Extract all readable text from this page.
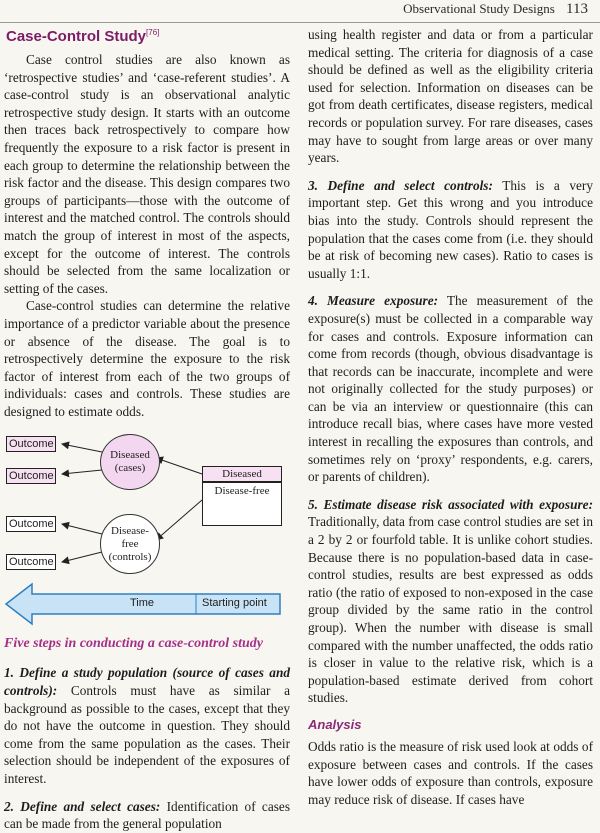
Observational Study Designs 113
Case-Control Study[76]

Case control studies are also known as ‘retrospective studies’ and ‘case-referent studies’. A case-control study is an observational analytic retrospective study design. It starts with an outcome then traces back retrospectively to compare how frequently the exposure to a risk factor is present in each group to determine the relationship between the risk factor and the disease. This design compares two groups of participants—those with the outcome of interest and the matched control. The controls should match the group of interest in most of the aspects, except for the outcome of interest. The controls should be selected from the same localization or setting of the cases.

Case-control studies can determine the relative importance of a predictor variable about the presence or absence of the disease. The goal is to retrospectively determine the exposure to the risk factor of interest from each of the two groups of individuals: cases and controls. These studies are designed to estimate odds.

Outcome
Outcome
Outcome
Outcome
Diseased
(cases)
Disease-
free
(controls)
Diseased
Disease-free
Time	Starting point
Five steps in conducting a case-control study

1. Define a study population (source of cases and controls): Controls must have as similar a background as possible to the cases, except that they do not have the outcome in question. They should come from the same population as the cases. Their selection should be independent of the exposures of interest.

2. Define and select cases: Identification of cases can be made from the general population

using health register and data or from a particular medical setting. The criteria for diagnosis of a case should be defined as well as the eligibility criteria used for selection. Information on diseases can be got from death certificates, disease registers, medical records or population survey. For rare diseases, cases may have to sought from large areas or over many years.

3. Define and select controls: This is a very important step. Get this wrong and you introduce bias into the study. Controls should represent the population that the cases come from (i.e. they should be at risk of becoming new cases). Ratio to cases is usually 1:1.

4. Measure exposure: The measurement of the exposure(s) must be collected in a comparable way for cases and controls. Exposure information can come from records (though, obvious disadvantage is that records can be inaccurate, incomplete and were not originally collected for the study purposes) or can be via an interview or questionnaire (this can introduce recall bias, where cases have more vested interest in recalling the exposures than controls, and sometimes rely on ‘proxy’ respondents, e.g. carers, or parents of children).

5. Estimate disease risk associated with exposure: Traditionally, data from case control studies are set in a 2 by 2 or fourfold table. It is unlike cohort studies. Because there is no population-based data in case-control studies, results are best expressed as odds ratio (the ratio of exposed to non-exposed in the case group divided by the same ratio in the control group). When the number with disease is small compared with the number unaffected, the odds ratio is closer in value to the relative risk, which is a population-based estimate derived from cohort studies.

Analysis

Odds ratio is the measure of risk used look at odds of exposure between cases and controls. If the cases have lower odds of exposure than controls, exposure may reduce risk of disease. If cases have
